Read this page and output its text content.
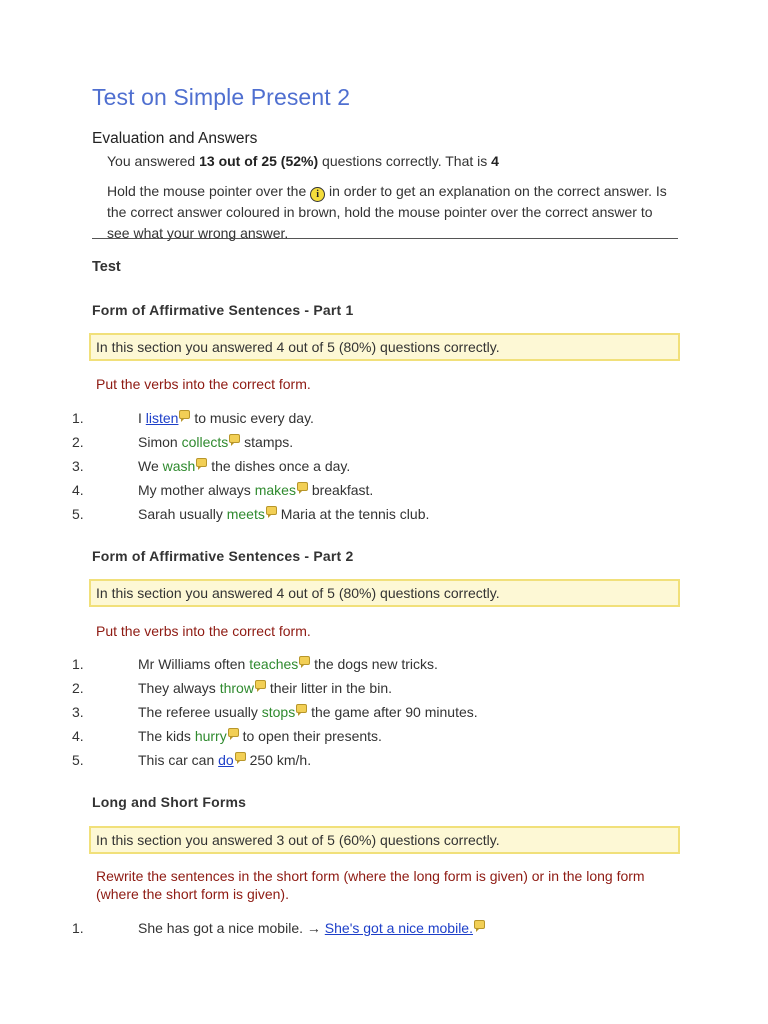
Test on Simple Present 2
Evaluation and Answers

You answered 13 out of 25 (52%) questions correctly. That is 4

Hold the mouse pointer over the i in order to get an explanation on the correct answer. Is the correct answer coloured in brown, hold the mouse pointer over the correct answer to see what your wrong answer.

Test
Form of Affirmative Sentences - Part 1
In this section you answered 4 out of 5 (80%) questions correctly.

Put the verbs into the correct form.

1.	I listen to music every day.
2.	Simon collects stamps.
3.	We wash the dishes once a day.
4.	My mother always makes breakfast.
5.	Sarah usually meets Maria at the tennis club.
Form of Affirmative Sentences - Part 2
In this section you answered 4 out of 5 (80%) questions correctly.

Put the verbs into the correct form.

1.	Mr Williams often teaches the dogs new tricks.
2.	They always throw their litter in the bin.
3.	The referee usually stops the game after 90 minutes.
4.	The kids hurry to open their presents.
5.	This car can do 250 km/h.
Long and Short Forms
In this section you answered 3 out of 5 (60%) questions correctly.

Rewrite the sentences in the short form (where the long form is given) or in the long form (where the short form is given).

1.	She has got a nice mobile. → She's got a nice mobile.
